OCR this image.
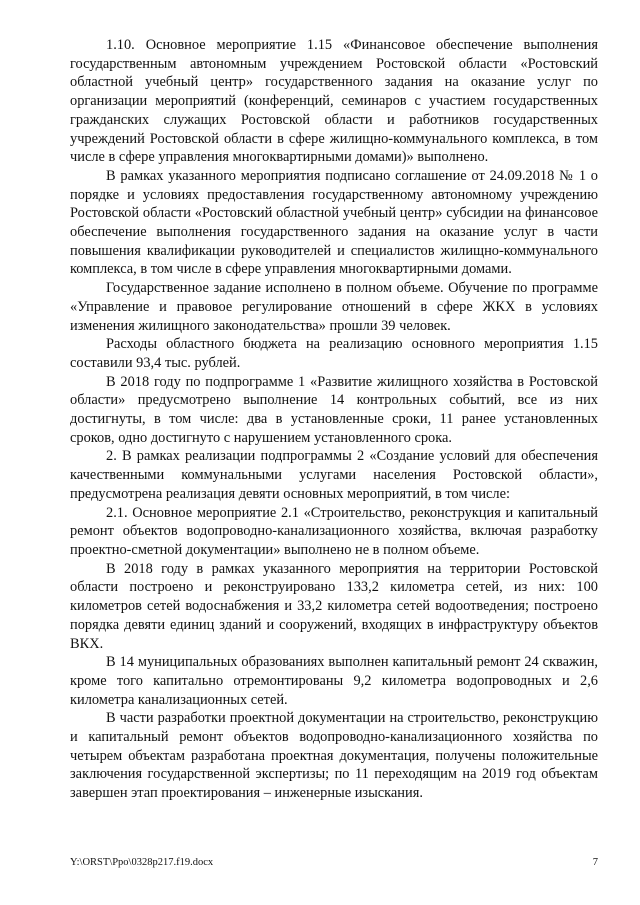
1.10. Основное мероприятие 1.15 «Финансовое обеспечение выполнения государственным автономным учреждением Ростовской области «Ростовский областной учебный центр» государственного задания на оказание услуг по организации мероприятий (конференций, семинаров с участием государственных гражданских служащих Ростовской области и работников государственных учреждений Ростовской области в сфере жилищно-коммунального комплекса, в том числе в сфере управления многоквартирными домами)» выполнено.

В рамках указанного мероприятия подписано соглашение от 24.09.2018 № 1 о порядке и условиях предоставления государственному автономному учреждению Ростовской области «Ростовский областной учебный центр» субсидии на финансовое обеспечение выполнения государственного задания на оказание услуг в части повышения квалификации руководителей и специалистов жилищно-коммунального комплекса, в том числе в сфере управления многоквартирными домами.

Государственное задание исполнено в полном объеме. Обучение по программе «Управление и правовое регулирование отношений в сфере ЖКХ в условиях изменения жилищного законодательства» прошли 39 человек.

Расходы областного бюджета на реализацию основного мероприятия 1.15 составили 93,4 тыс. рублей.

В 2018 году по подпрограмме 1 «Развитие жилищного хозяйства в Ростовской области» предусмотрено выполнение 14 контрольных событий, все из них достигнуты, в том числе: два в установленные сроки, 11 ранее установленных сроков, одно достигнуто с нарушением установленного срока.

2. В рамках реализации подпрограммы 2 «Создание условий для обеспечения качественными коммунальными услугами населения Ростовской области», предусмотрена реализация девяти основных мероприятий, в том числе:

2.1. Основное мероприятие 2.1 «Строительство, реконструкция и капитальный ремонт объектов водопроводно-канализационного хозяйства, включая разработку проектно-сметной документации» выполнено не в полном объеме.

В 2018 году в рамках указанного мероприятия на территории Ростовской области построено и реконструировано 133,2 километра сетей, из них: 100 километров сетей водоснабжения и 33,2 километра сетей водоотведения; построено порядка девяти единиц зданий и сооружений, входящих в инфраструктуру объектов ВКХ.

В 14 муниципальных образованиях выполнен капитальный ремонт 24 скважин, кроме того капитально отремонтированы 9,2 километра водопроводных и 2,6 километра канализационных сетей.

В части разработки проектной документации на строительство, реконструкцию и капитальный ремонт объектов водопроводно-канализационного хозяйства по четырем объектам разработана проектная документация, получены положительные заключения государственной экспертизы; по 11 переходящим на 2019 год объектам завершен этап проектирования – инженерные изыскания.

Y:\ORST\Ppo\0328p217.f19.docx	7
